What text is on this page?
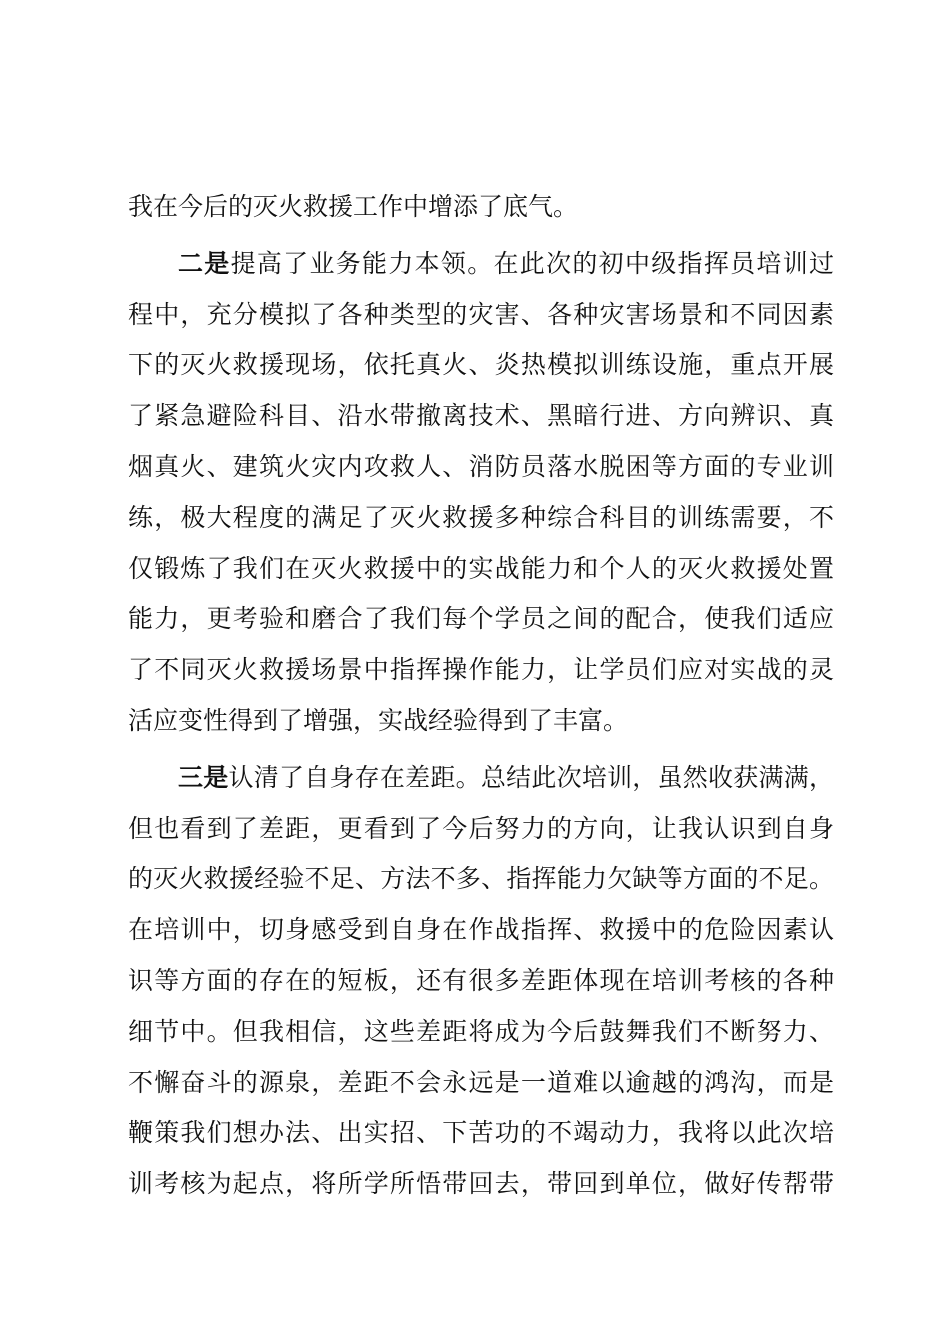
我在今后的灭火救援工作中增添了底气。
二是提高了业务能力本领。在此次的初中级指挥员培训过
程中，充分模拟了各种类型的灾害、各种灾害场景和不同因素
下的灭火救援现场，依托真火、炎热模拟训练设施，重点开展
了紧急避险科目、沿水带撤离技术、黑暗行进、方向辨识、真
烟真火、建筑火灾内攻救人、消防员落水脱困等方面的专业训
练，极大程度的满足了灭火救援多种综合科目的训练需要，不
仅锻炼了我们在灭火救援中的实战能力和个人的灭火救援处置
能力，更考验和磨合了我们每个学员之间的配合，使我们适应
了不同灭火救援场景中指挥操作能力，让学员们应对实战的灵
活应变性得到了增强，实战经验得到了丰富。
三是认清了自身存在差距。总结此次培训，虽然收获满满，
但也看到了差距，更看到了今后努力的方向，让我认识到自身
的灭火救援经验不足、方法不多、指挥能力欠缺等方面的不足。
在培训中，切身感受到自身在作战指挥、救援中的危险因素认
识等方面的存在的短板，还有很多差距体现在培训考核的各种
细节中。但我相信，这些差距将成为今后鼓舞我们不断努力、
不懈奋斗的源泉，差距不会永远是一道难以逾越的鸿沟，而是
鞭策我们想办法、出实招、下苦功的不竭动力，我将以此次培
训考核为起点，将所学所悟带回去，带回到单位，做好传帮带
